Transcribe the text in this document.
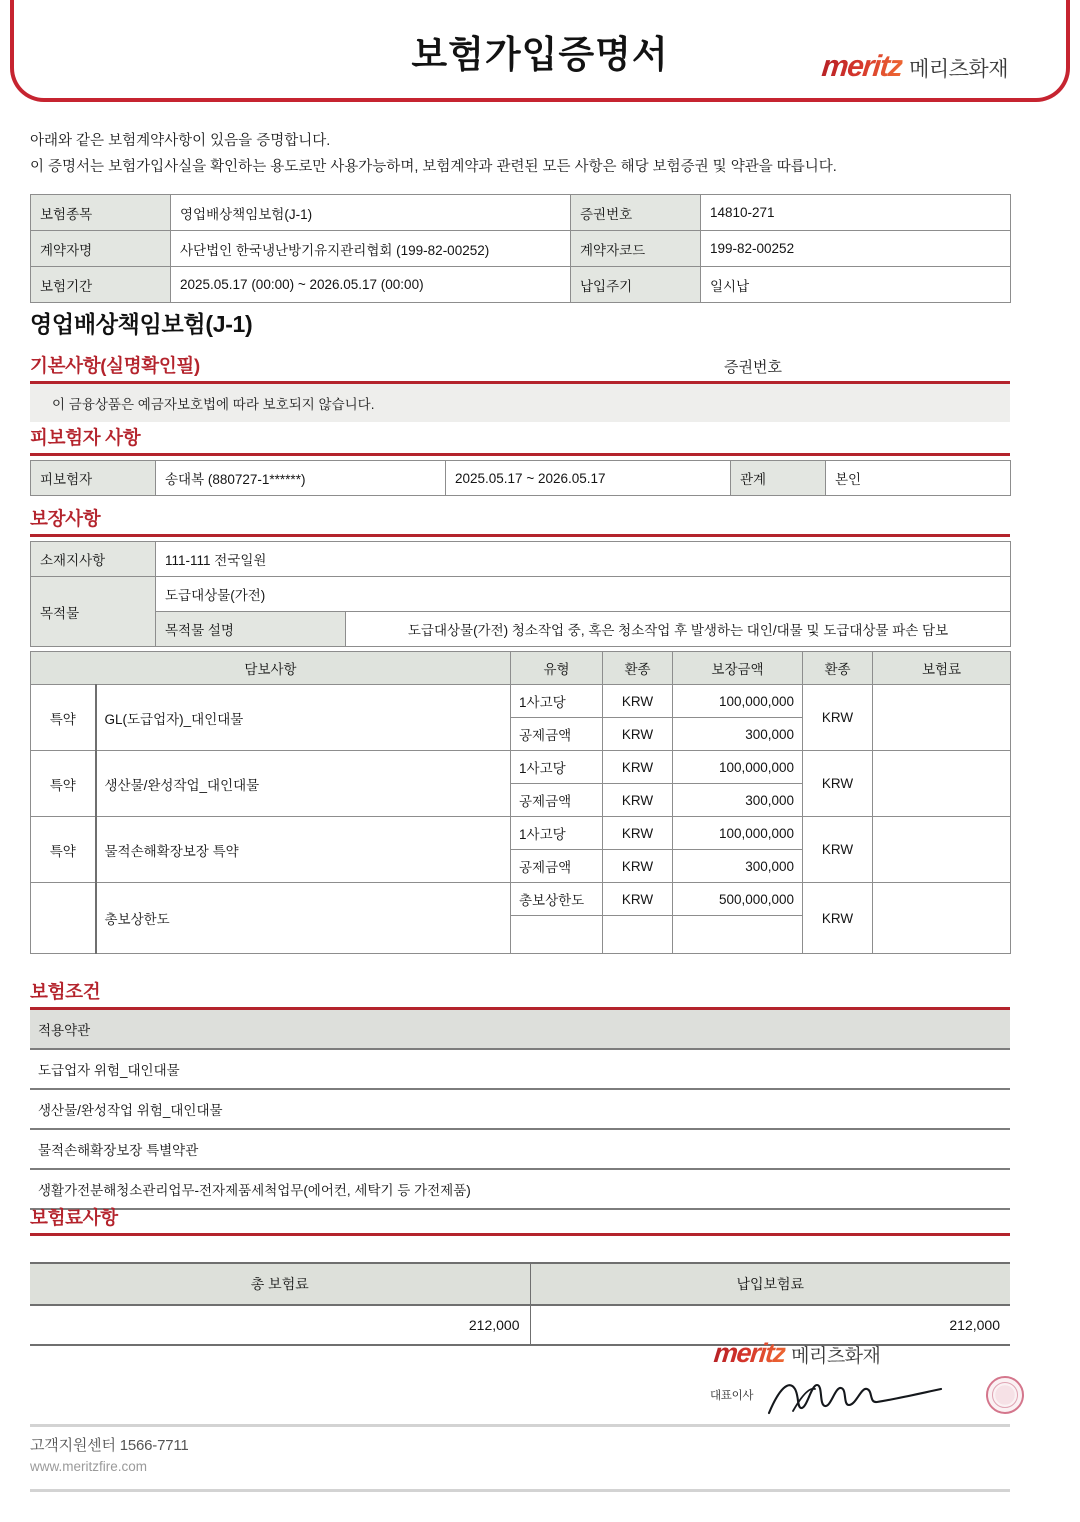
보험가입증명서	meritz 메리츠화재

아래와 같은 보험계약사항이 있음을 증명합니다.

이 증명서는 보험가입사실을 확인하는 용도로만 사용가능하며, 보험계약과 관련된 모든 사항은 해당 보험증권 및 약관을 따릅니다.

보험종목	영업배상책임보험(J-1)	증권번호	14810-271
계약자명	사단법인 한국냉난방기유지관리협회 (199-82-00252)	계약자코드	199-82-00252
보험기간	2025.05.17 (00:00) ~ 2026.05.17 (00:00)	납입주기	일시납
영업배상책임보험(J-1)
기본사항(실명확인필)	증권번호
이 금융상품은 예금자보호법에 따라 보호되지 않습니다.
피보험자 사항
피보험자	송대복 (880727-1******)	2025.05.17 ~ 2026.05.17	관계	본인
보장사항
소재지사항	111-111 전국일원	
목적물	도급대상물(가전)	
	목적물 설명	도급대상물(가전) 청소작업 중, 혹은 청소작업 후 발생하는 대인/대물 및 도급대상물 파손 담보
담보사항		유형	환종	보장금액	환종	보험료
특약	GL(도급업자)_대인대물	1사고당	KRW	100,000,000	KRW	
		공제금액	KRW	300,000		
특약	생산물/완성작업_대인대물	1사고당	KRW	100,000,000	KRW	
		공제금액	KRW	300,000		
특약	물적손해확장보장 특약	1사고당	KRW	100,000,000	KRW	
		공제금액	KRW	300,000		
	총보상한도	총보상한도	KRW	500,000,000	KRW	

보험조건
적용약관
도급업자 위험_대인대물
생산물/완성작업 위험_대인대물
물적손해확장보장 특별약관
생활가전분해청소관리업무-전자제품세척업무(에어컨, 세탁기 등 가전제품)
보험료사항
총 보험료	납입보험료
212,000	212,000
meritz 메리츠화재
대표이사
고객지원센터 1566-7711
www.meritzfire.com
